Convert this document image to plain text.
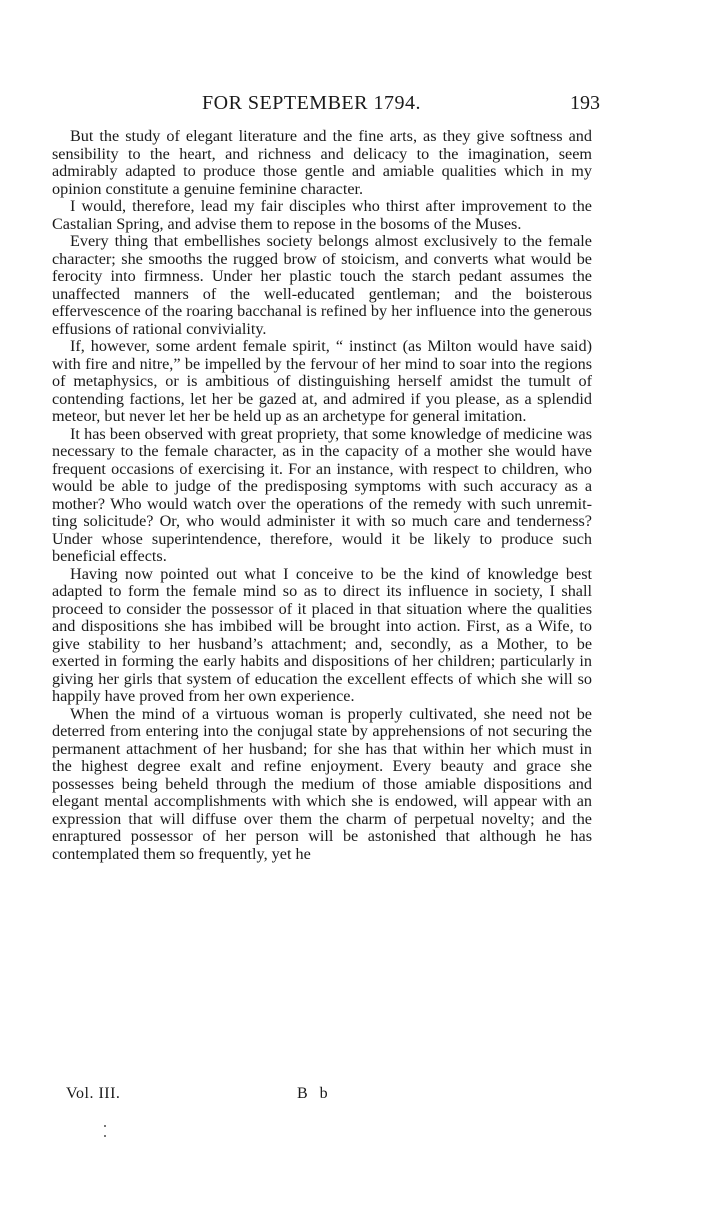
FOR SEPTEMBER 1794.	193

But the study of elegant literature and the fine arts, as they give softness and sensibility to the heart, and richness and delicacy to the imagination, seem admirably adapted to produce those gentle and amiable qualities which in my opinion constitute a genuine feminine character.

I would, therefore, lead my fair disciples who thirst after improvement to the Castalian Spring, and advise them to repose in the bosoms of the Muses.

Every thing that embellishes society belongs almost exclusively to the female character; she smooths the rugged brow of stoicism, and converts what would be ferocity into firmness. Under her plastic touch the starch pedant assumes the unaffected manners of the well-educated gentleman; and the boisterous effervescence of the roaring bacchanal is refined by her influence into the generous effusions of rational conviviality.

If, however, some ardent female spirit, “ instinct (as Milton would have said) with fire and nitre,” be impelled by the fervour of her mind to soar into the regions of metaphysics, or is ambitious of distinguishing herself amidst the tumult of contending factions, let her be gazed at, and admired if you please, as a splendid meteor, but never let her be held up as an archetype for general imitation.

It has been observed with great propriety, that some knowledge of medicine was necessary to the female character, as in the capacity of a mother she would have frequent occasions of exercising it. For an instance, with respect to children, who would be able to judge of the predisposing symptoms with such accuracy as a mother? Who would watch over the operations of the remedy with such unremitting solicitude? Or, who would administer it with so much care and tenderness? Under whose superintendence, therefore, would it be likely to produce such beneficial effects.

Having now pointed out what I conceive to be the kind of knowledge best adapted to form the female mind so as to direct its influence in society, I shall proceed to consider the possessor of it placed in that situation where the qualities and dispositions she has imbibed will be brought into action. First, as a Wife, to give stability to her husband’s attachment; and, secondly, as a Mother, to be exerted in forming the early habits and dispositions of her children; particularly in giving her girls that system of education the excellent effects of which she will so happily have proved from her own experience.

When the mind of a virtuous woman is properly cultivated, she need not be deterred from entering into the conjugal state by apprehensions of not securing the permanent attachment of her husband; for she has that within her which must in the highest degree exalt and refine enjoyment. Every beauty and grace she possesses being beheld through the medium of those amiable dispositions and elegant mental accomplishments with which she is endowed, will appear with an expression that will diffuse over them the charm of perpetual novelty; and the enraptured possessor of her person will be astonished that although he has contemplated them so frequently, yet he

Vol. III.	B b
